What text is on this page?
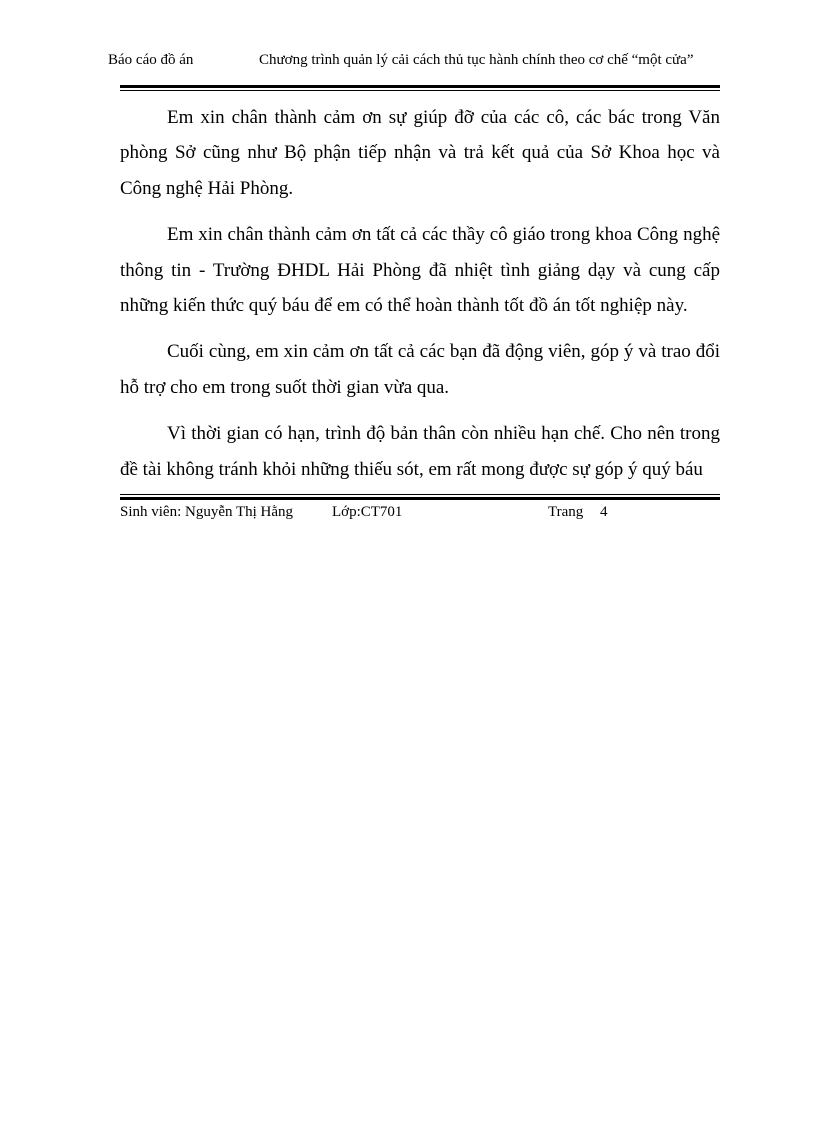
Báo cáo đồ án	Chương trình quản lý cải cách thủ tục hành chính theo cơ chế “một cửa”

Em xin chân thành cảm ơn sự giúp đỡ của các cô, các bác trong Văn phòng Sở cũng như Bộ phận tiếp nhận và trả kết quả của Sở Khoa học và Công nghệ Hải Phòng.

Em xin chân thành cảm ơn tất cả các thầy cô giáo trong khoa Công nghệ thông tin - Trường ĐHDL Hải Phòng đã nhiệt tình giảng dạy và cung cấp những kiến thức quý báu để em có thể hoàn thành tốt đồ án tốt nghiệp này.

Cuối cùng, em xin cảm ơn tất cả các bạn đã động viên, góp ý và trao đổi hỗ trợ cho em trong suốt thời gian vừa qua.

Vì thời gian có hạn, trình độ bản thân còn nhiều hạn chế. Cho nên trong đề tài không tránh khỏi những thiếu sót, em rất mong được sự góp ý quý báu

Sinh viên: Nguyễn Thị Hằng	Lớp:CT701	Trang 4
